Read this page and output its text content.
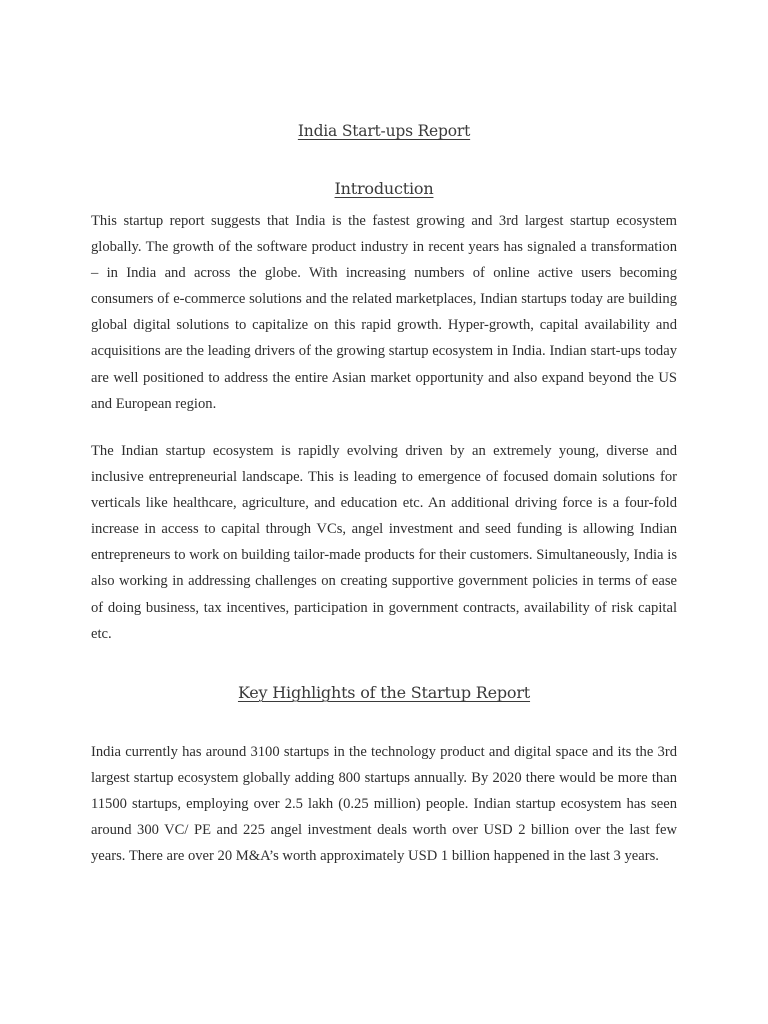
India Start-ups Report
Introduction

This startup report suggests that India is the fastest growing and 3rd largest startup ecosystem globally. The growth of the software product industry in recent years has signaled a transformation – in India and across the globe. With increasing numbers of online active users becoming consumers of e-commerce solutions and the related marketplaces, Indian startups today are building global digital solutions to capitalize on this rapid growth. Hyper-growth, capital availability and acquisitions are the leading drivers of the growing startup ecosystem in India. Indian start-ups today are well positioned to address the entire Asian market opportunity and also expand beyond the US and European region.

The Indian startup ecosystem is rapidly evolving driven by an extremely young, diverse and inclusive entrepreneurial landscape. This is leading to emergence of focused domain solutions for verticals like healthcare, agriculture, and education etc. An additional driving force is a four-fold increase in access to capital through VCs, angel investment and seed funding is allowing Indian entrepreneurs to work on building tailor-made products for their customers. Simultaneously, India is also working in addressing challenges on creating supportive government policies in terms of ease of doing business, tax incentives, participation in government contracts, availability of risk capital etc.

Key Highlights of the Startup Report

India currently has around 3100 startups in the technology product and digital space and its the 3rd largest startup ecosystem globally adding 800 startups annually. By 2020 there would be more than 11500 startups, employing over 2.5 lakh (0.25 million) people. Indian startup ecosystem has seen around 300 VC/ PE and 225 angel investment deals worth over USD 2 billion over the last few years. There are over 20 M&A’s worth approximately USD 1 billion happened in the last 3 years.
